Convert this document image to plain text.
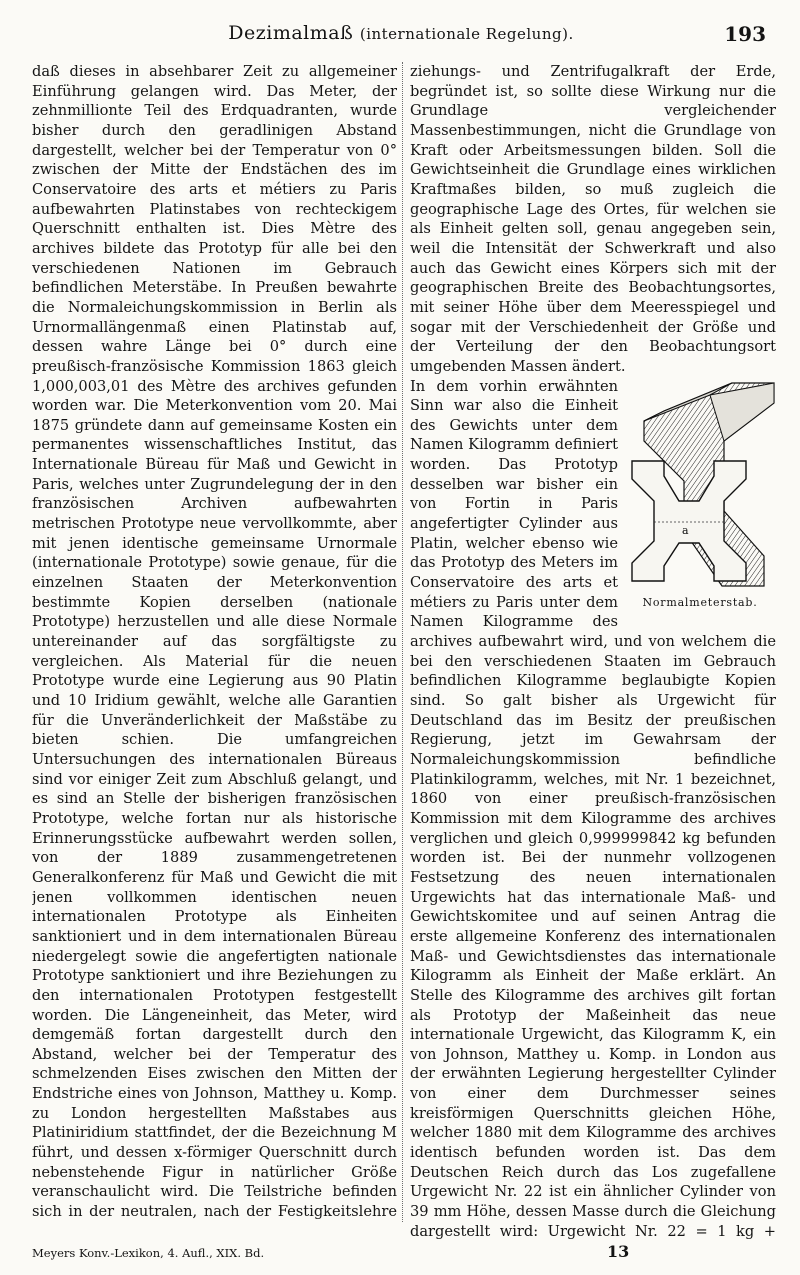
Dezimalmaß (internationale Regelung).	193

daß dieses in absehbarer Zeit zu allgemeiner Einführung gelangen wird. Das Meter, der zehnmillionte Teil des Erdquadranten, wurde bisher durch den geradlinigen Abstand dargestellt, welcher bei der Temperatur von 0° zwischen der Mitte der Endstächen des im Conservatoire des arts et métiers zu Paris aufbewahrten Platinstabes von rechteckigem Querschnitt enthalten ist. Dies Mètre des archives bildete das Prototyp für alle bei den verschiedenen Nationen im Gebrauch befindlichen Meterstäbe. In Preußen bewahrte die Normaleichungskommission in Berlin als Urnormallängenmaß einen Platinstab auf, dessen wahre Länge bei 0° durch eine preußisch-französische Kommission 1863 gleich 1,000,003,01 des Mètre des archives gefunden worden war. Die Meterkonvention vom 20. Mai 1875 gründete dann auf gemeinsame Kosten ein permanentes wissenschaftliches Institut, das Internationale Büreau für Maß und Gewicht in Paris, welches unter Zugrundelegung der in den französischen Archiven aufbewahrten metrischen Prototype neue vervollkommte, aber mit jenen identische gemeinsame Urnormale (internationale Prototype) sowie genaue, für die einzelnen Staaten der Meterkonvention bestimmte Kopien derselben (nationale Prototype) herzustellen und alle diese Normale untereinander auf das sorgfältigste zu vergleichen. Als Material für die neuen Prototype wurde eine Legierung aus 90 Platin und 10 Iridium gewählt, welche alle Garantien für die Unveränderlichkeit der Maßstäbe zu bieten schien. Die umfangreichen Untersuchungen des internationalen Büreaus sind vor einiger Zeit zum Abschluß gelangt, und es sind an Stelle der bisherigen französischen Prototype, welche fortan nur als historische Erinnerungsstücke aufbewahrt werden sollen, von der 1889 zusammengetretenen Generalkonferenz für Maß und Gewicht die mit jenen vollkommen identischen neuen internationalen Prototype als Einheiten sanktioniert und in dem internationalen Büreau niedergelegt sowie die angefertigten nationale Prototype sanktioniert und ihre Beziehungen zu den internationalen Prototypen festgestellt worden. Die Längeneinheit, das Meter, wird demgemäß fortan dargestellt durch den Abstand, welcher bei der Temperatur des schmelzenden Eises zwischen den Mitten der Endstriche eines von Johnson, Matthey u. Komp. zu London hergestellten Maßstabes aus Platiniridium stattfindet, der die Bezeichnung M führt, und dessen x-förmiger Querschnitt durch nebenstehende Figur in natürlicher Größe veranschaulicht wird. Die Teilstriche befinden sich in der neutralen, nach der Festigkeitslehre

ziehungs- und Zentrifugalkraft der Erde, begründet ist, so sollte diese Wirkung nur die Grundlage vergleichender Massenbestimmungen, nicht die Grundlage von Kraft oder Arbeitsmessungen bilden. Soll die Gewichtseinheit die Grundlage eines wirklichen Kraftmaßes bilden, so muß zugleich die geographische Lage des Ortes, für welchen sie als Einheit gelten soll, genau angegeben sein, weil die Intensität der Schwerkraft und also auch das Gewicht eines Körpers sich mit der geographischen Breite des Beobachtungsortes, mit seiner Höhe über dem Meeresspiegel und sogar mit der Verschiedenheit der Größe und der Verteilung der den Beobachtungsort umgebenden Massen ändert.

a
Normalmeterstab.

In dem vorhin erwähnten Sinn war also die Einheit des Gewichts unter dem Namen Kilogramm definiert worden. Das Prototyp desselben war bisher ein von Fortin in Paris angefertigter Cylinder aus Platin, welcher ebenso wie das Prototyp des Meters im Conservatoire des arts et métiers zu Paris unter dem Namen Kilogramme des archives aufbewahrt wird, und von welchem die bei den verschiedenen Staaten im Gebrauch befindlichen Kilogramme beglaubigte Kopien sind. So galt bisher als Urgewicht für Deutschland das im Besitz der preußischen Regierung, jetzt im Gewahrsam der Normaleichungskommission befindliche Platinkilogramm, welches, mit Nr. 1 bezeichnet, 1860 von einer preußisch-französischen Kommission mit dem Kilogramme des archives verglichen und gleich 0,999999842 kg befunden worden ist. Bei der nunmehr vollzogenen Festsetzung des neuen internationalen Urgewichts hat das internationale Maß- und Gewichtskomitee und auf seinen Antrag die erste allgemeine Konferenz des internationalen Maß- und Gewichtsdienstes das internationale Kilogramm als Einheit der Maße erklärt. An Stelle des Kilogramme des archives gilt fortan als Prototyp der Maßeinheit das neue internationale Urgewicht, das Kilogramm K, ein von Johnson, Matthey u. Komp. in London aus der erwähnten Legierung hergestellter Cylinder von einer dem Durchmesser seines kreisförmigen Querschnitts gleichen Höhe, welcher 1880 mit dem Kilogramme des archives identisch befunden worden ist. Das dem Deutschen Reich durch das Los zugefallene Urgewicht Nr. 22 ist ein ähnlicher Cylinder von 39 mm Höhe, dessen Masse durch die Gleichung dargestellt wird: Urgewicht Nr. 22 = 1 kg +

Meyers Konv.-Lexikon, 4. Aufl., XIX. Bd.	13
